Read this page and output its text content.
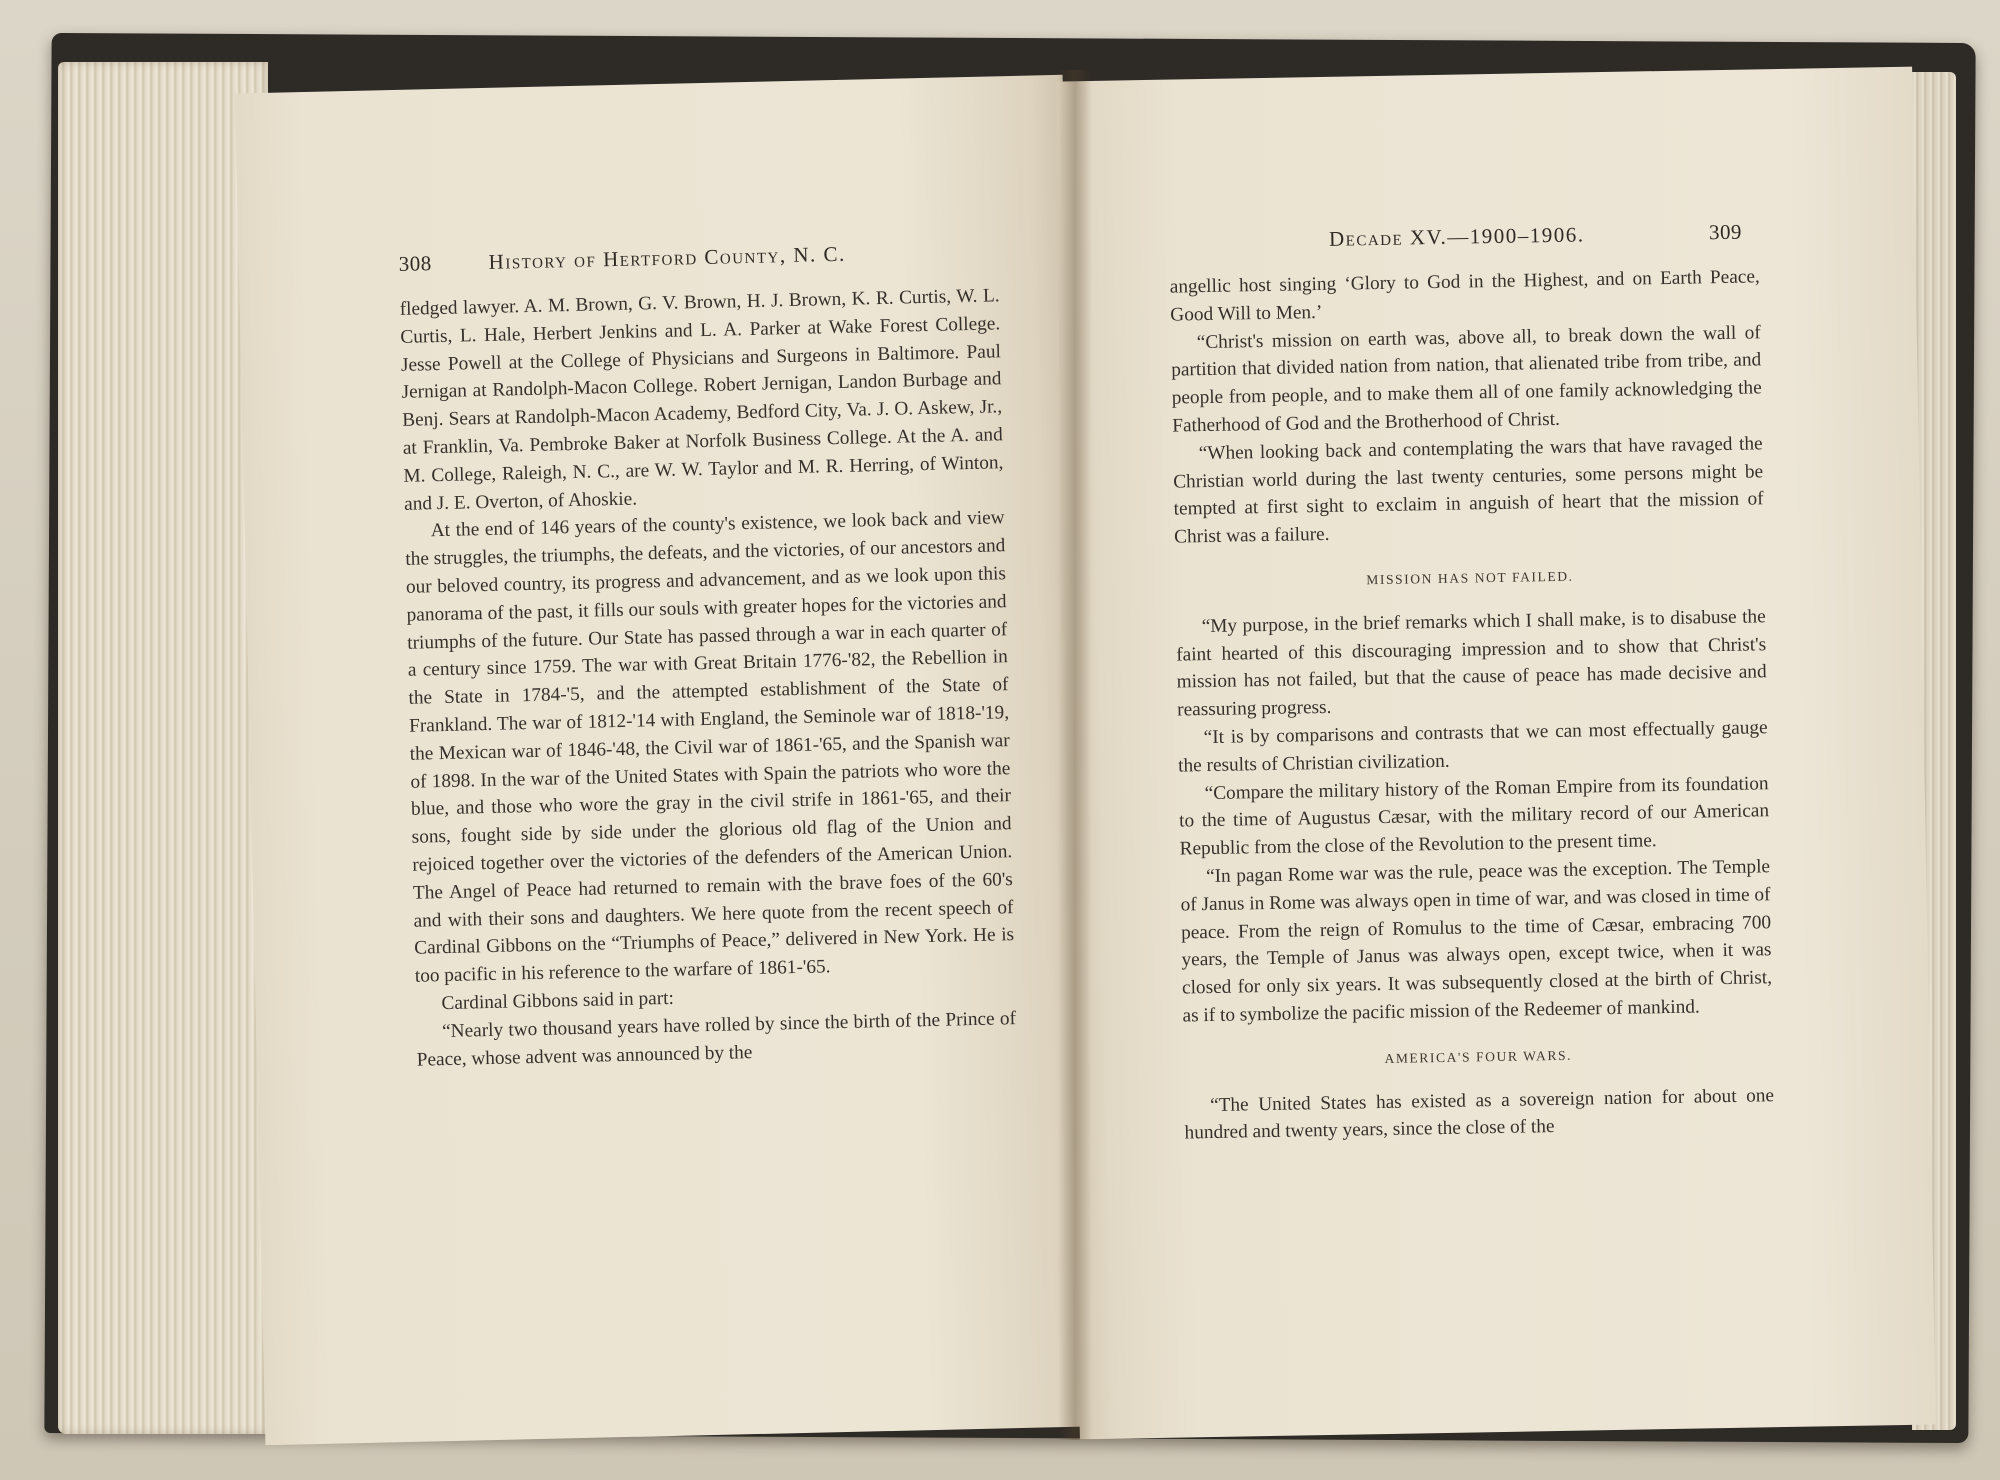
308	History of Hertford County, N. C.

fledged lawyer. A. M. Brown, G. V. Brown, H. J. Brown, K. R. Curtis, W. L. Curtis, L. Hale, Herbert Jenkins and L. A. Parker at Wake Forest College. Jesse Powell at the College of Physicians and Surgeons in Baltimore. Paul Jernigan at Randolph-Macon College. Robert Jernigan, Landon Burbage and Benj. Sears at Randolph-Macon Academy, Bedford City, Va. J. O. Askew, Jr., at Franklin, Va. Pembroke Baker at Norfolk Business College. At the A. and M. College, Raleigh, N. C., are W. W. Taylor and M. R. Herring, of Winton, and J. E. Overton, of Ahoskie.

At the end of 146 years of the county's existence, we look back and view the struggles, the triumphs, the defeats, and the victories, of our ancestors and our beloved country, its progress and advancement, and as we look upon this panorama of the past, it fills our souls with greater hopes for the victories and triumphs of the future. Our State has passed through a war in each quarter of a century since 1759. The war with Great Britain 1776-'82, the Rebellion in the State in 1784-'5, and the attempted establishment of the State of Frankland. The war of 1812-'14 with England, the Seminole war of 1818-'19, the Mexican war of 1846-'48, the Civil war of 1861-'65, and the Spanish war of 1898. In the war of the United States with Spain the patriots who wore the blue, and those who wore the gray in the civil strife in 1861-'65, and their sons, fought side by side under the glorious old flag of the Union and rejoiced together over the victories of the defenders of the American Union. The Angel of Peace had returned to remain with the brave foes of the 60's and with their sons and daughters. We here quote from the recent speech of Cardinal Gibbons on the “Triumphs of Peace,” delivered in New York. He is too pacific in his reference to the warfare of 1861-'65.

Cardinal Gibbons said in part:

“Nearly two thousand years have rolled by since the birth of the Prince of Peace, whose advent was announced by the

Decade XV.—1900–1906.	309

angellic host singing ‘Glory to God in the Highest, and on Earth Peace, Good Will to Men.’

“Christ's mission on earth was, above all, to break down the wall of partition that divided nation from nation, that alienated tribe from tribe, and people from people, and to make them all of one family acknowledging the Fatherhood of God and the Brotherhood of Christ.

“When looking back and contemplating the wars that have ravaged the Christian world during the last twenty centuries, some persons might be tempted at first sight to exclaim in anguish of heart that the mission of Christ was a failure.

MISSION HAS NOT FAILED.

“My purpose, in the brief remarks which I shall make, is to disabuse the faint hearted of this discouraging impression and to show that Christ's mission has not failed, but that the cause of peace has made decisive and reassuring progress.

“It is by comparisons and contrasts that we can most effectually gauge the results of Christian civilization.

“Compare the military history of the Roman Empire from its foundation to the time of Augustus Cæsar, with the military record of our American Republic from the close of the Revolution to the present time.

“In pagan Rome war was the rule, peace was the exception. The Temple of Janus in Rome was always open in time of war, and was closed in time of peace. From the reign of Romulus to the time of Cæsar, embracing 700 years, the Temple of Janus was always open, except twice, when it was closed for only six years. It was subsequently closed at the birth of Christ, as if to symbolize the pacific mission of the Redeemer of mankind.

AMERICA'S FOUR WARS.

“The United States has existed as a sovereign nation for about one hundred and twenty years, since the close of the
